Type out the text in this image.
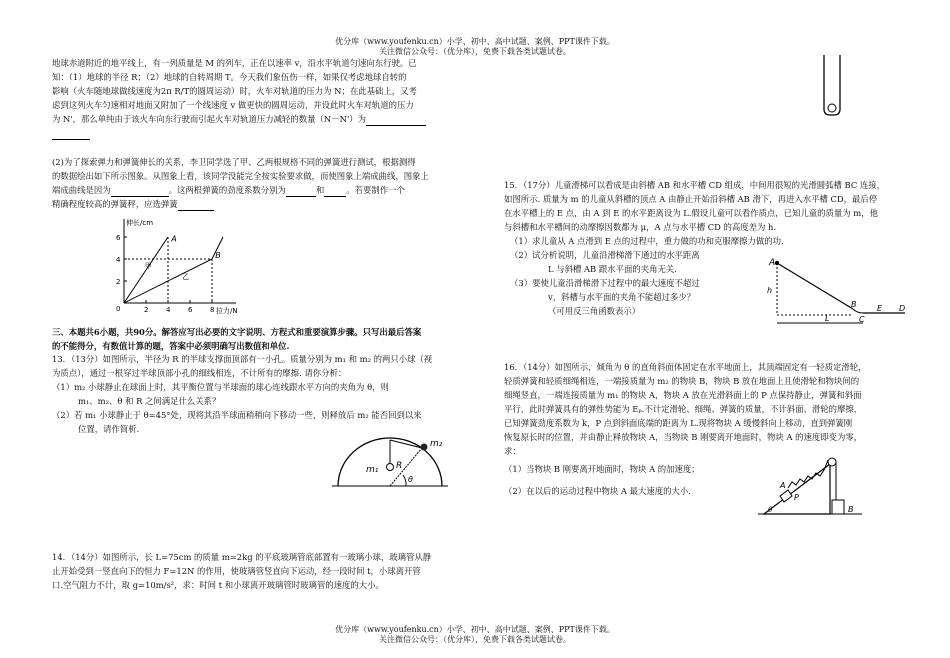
优分库（www.youfenku.cn）小学、初中、高中试题、案例、PPT课件下载。
关注微信公众号：（优分库），免费下载各类试题试卷。
优分库（www.youfenku.cn）小学、初中、高中试题、案例、PPT课件下载。
关注微信公众号：（优分库），免费下载各类试题试卷。
地球赤道附近的地平线上，有一列质量是 M 的列车，正在以速率 v，沿水平轨道匀速向东行驶。已
知：（1）地球的半径 R；（2）地球的自转周期 T。今天我们象伍伤一样，如果仅考虑地球自转的
影响（火车随地球做线速度为2π R/T的圆周运动）时，火车对轨道的压力为 N；在此基础上，又考
虑到这列火车匀速相对地面又附加了一个线速度 v 做更快的圆周运动，并设此时火车对轨道的压力
为 N'，那么单纯由于该火车向东行驶而引起火车对轨道压力减轻的数量（N－N'）为
(2)为了探索弹力和弹簧伸长的关系，李卫同学选了甲、乙两根规格不同的弹簧进行测试，根据测得
的数据绘出如下所示图象。从图象上看，该同学没能完全按实验要求做，而使图象上端成曲线，图象上
端成曲线是因为	。这两根弹簧的劲度系数分别为	和	。若要制作一个
精确程度较高的弹簧秤，应选弹簧
伸长/cm
拉力/N
0	2	4	6	8
2
4
6
甲
乙
A
B
三、本题共6小题，共90分。解答应写出必要的文字说明、方程式和重要演算步骤。只写出最后答案
的不能得分，有数值计算的题，答案中必须明确写出数值和单位.
13．（13分）如图所示，半径为 R 的半球支撑面顶部有一小孔。质量分别为 m₁ 和 m₂ 的两只小球（视
为质点），通过一根穿过半球顶部小孔的细线相连，不计所有的摩擦. 请你分析：
（1）m₂ 小球静止在球面上时，其平衡位置与半球面的球心连线跟水平方向的夹角为 θ，则
m₁、m₂、θ 和 R 之间满足什么关系？
（2）若 m₁ 小球静止于 θ=45°处，现将其沿半球面稍稍向下移动一些，则释放后 m₂ 能否回到以来
位置，请作简析.
m₂
m₁ R
θ
14．（14分）如图所示，长 L=75cm 的质量 m=2kg 的平底玻璃管底部置有一玻璃小球，玻璃管从静
止开始受到一竖直向下的恒力 F=12N 的作用，使玻璃管竖直向下运动，经一段时间 t，小球离开管
口.空气阻力不计，取 g=10m/s²，求：时间 t 和小球离开玻璃管时玻璃管的速度的大小。
15．（17分）儿童滑梯可以看成是由斜槽 AB 和水平槽 CD 组成，中间用很短的光滑圆弧槽 BC 连接，
如图所示. 质量为 m 的儿童从斜槽的顶点 A 由静止开始沿斜槽 AB 滑下，再进入水平槽 CD，最后停
在水平槽上的 E 点，由 A 到 E 的水平距离设为 L.假设儿童可以看作质点，已知儿童的质量为 m，他
与斜槽和水平槽间的动摩擦因数都为 μ，A 点与水平槽 CD 的高度差为 h.
（1）求儿童从 A 点滑到 E 点的过程中，重力做的功和克服摩擦力做的功.
（2）试分析说明，儿童沿滑梯滑下通过的水平距离
L 与斜槽 AB 跟水平面的夹角无关.
（3）要使儿童沿滑梯滑下过程中的最大速度不超过
v，斜槽与水平面的夹角不能超过多少？
（可用反三角函数表示）
A
h
B
C
E D
L
16．（14分）如图所示，倾角为 θ 的直角斜面体固定在水平地面上，其顶端固定有一轻质定滑轮，
轻质弹簧和轻质细绳相连，一端接质量为 m₂ 的物块 B，物块 B 放在地面上且使滑轮和物块间的
细绳竖直，一端连接质量为 m₁ 的物块 A，物块 A 放在光滑斜面上的 P 点保持静止，弹簧和斜面
平行，此时弹簧具有的弹性势能为 Eₚ.不计定滑轮、细绳、弹簧的质量，不计斜面、滑轮的摩擦，
已知弹簧劲度系数为 k，P 点到斜面底端的距离为 L.现将物块 A 缓慢斜向上移动，直到弹簧刚
恢复原长时的位置，并由静止释放物块 A，当物块 B 刚要离开地面时，物块 A 的速度即变为零，
求：
（1）当物块 B 刚要离开地面时，物块 A 的加速度；
（2）在以后的运动过程中物块 A 最大速度的大小.
A
P
B
θ
